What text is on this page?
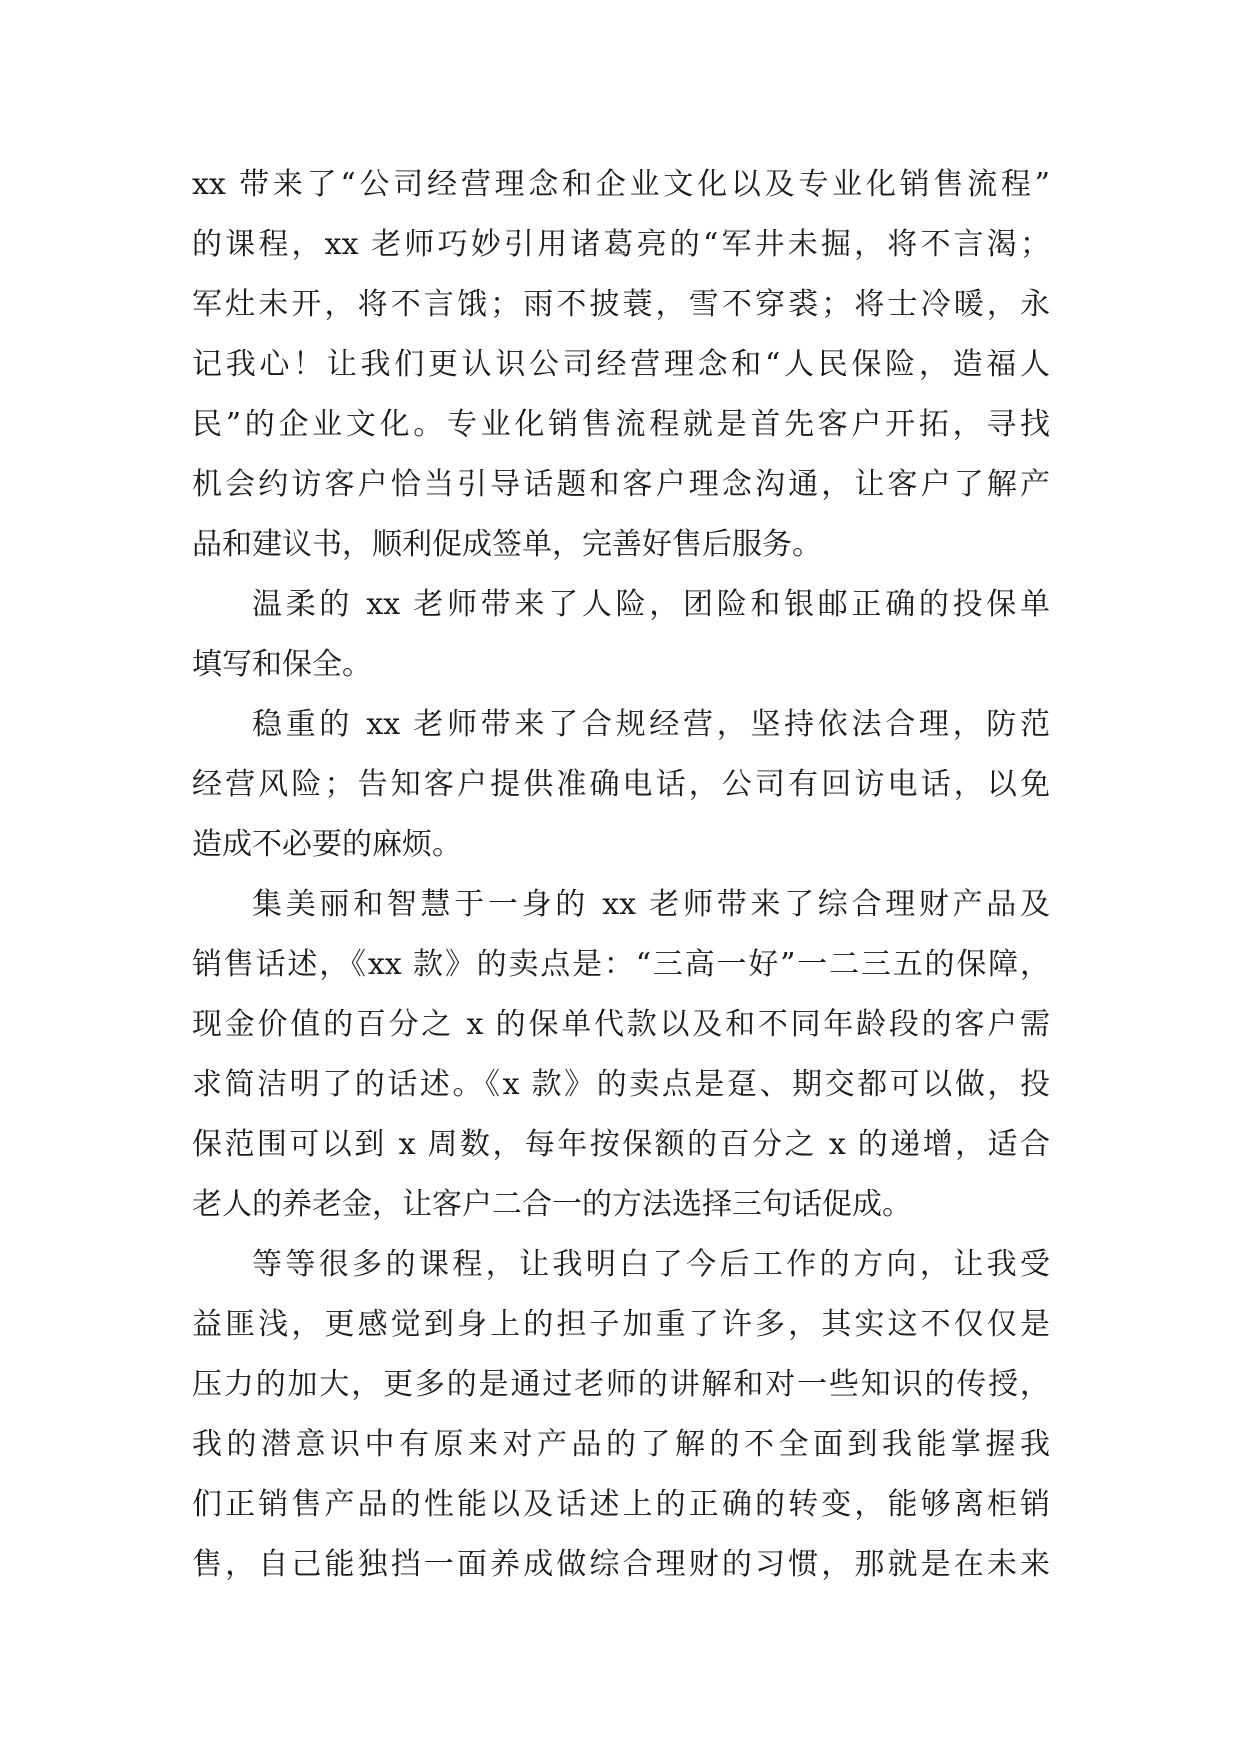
xx 带来了“公司经营理念和企业文化以及专业化销售流程”
的课程，xx 老师巧妙引用诸葛亮的“军井未掘，将不言渴；
军灶未开，将不言饿；雨不披蓑，雪不穿裘；将士冷暖，永
记我心！让我们更认识公司经营理念和“人民保险，造福人
民”的企业文化。专业化销售流程就是首先客户开拓，寻找
机会约访客户恰当引导话题和客户理念沟通，让客户了解产
品和建议书，顺利促成签单，完善好售后服务。
温柔的 xx 老师带来了人险，团险和银邮正确的投保单
填写和保全。
稳重的 xx 老师带来了合规经营，坚持依法合理，防范
经营风险；告知客户提供准确电话，公司有回访电话，以免
造成不必要的麻烦。
集美丽和智慧于一身的 xx 老师带来了综合理财产品及
销售话述，《xx 款》的卖点是：“三高一好”一二三五的保障，
现金价值的百分之 x 的保单代款以及和不同年龄段的客户需
求简洁明了的话述。《x 款》的卖点是趸、期交都可以做，投
保范围可以到 x 周数，每年按保额的百分之 x 的递增，适合
老人的养老金，让客户二合一的方法选择三句话促成。
等等很多的课程，让我明白了今后工作的方向，让我受
益匪浅，更感觉到身上的担子加重了许多，其实这不仅仅是
压力的加大，更多的是通过老师的讲解和对一些知识的传授，
我的潜意识中有原来对产品的了解的不全面到我能掌握我
们正销售产品的性能以及话述上的正确的转变，能够离柜销
售，自己能独挡一面养成做综合理财的习惯，那就是在未来
